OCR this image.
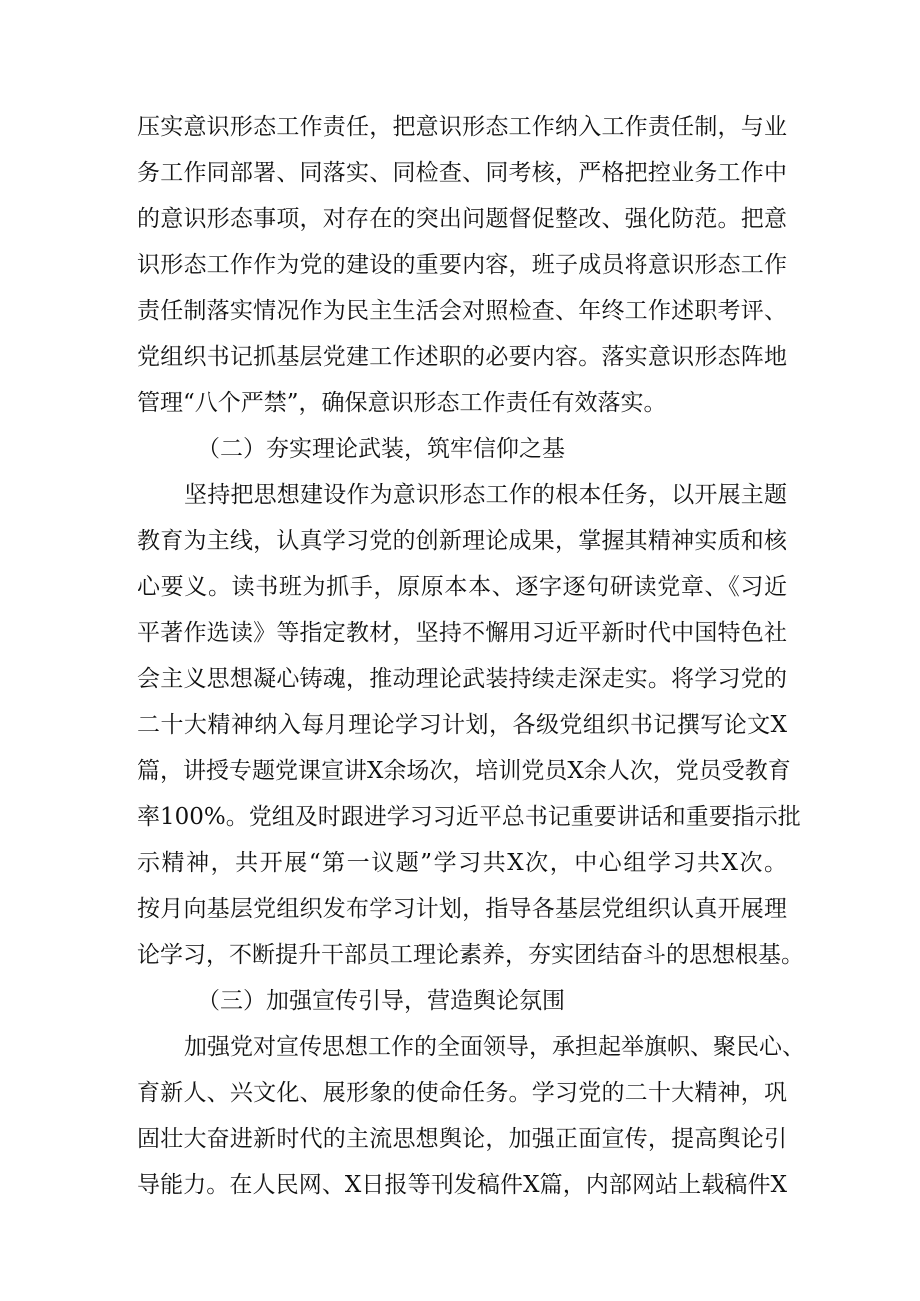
压实意识形态工作责任，把意识形态工作纳入工作责任制，与业
务工作同部署、同落实、同检查、同考核，严格把控业务工作中
的意识形态事项，对存在的突出问题督促整改、强化防范。把意
识形态工作作为党的建设的重要内容，班子成员将意识形态工作
责任制落实情况作为民主生活会对照检查、年终工作述职考评、
党组织书记抓基层党建工作述职的必要内容。落实意识形态阵地
管理“八个严禁”，确保意识形态工作责任有效落实。
（二）夯实理论武装，筑牢信仰之基
坚持把思想建设作为意识形态工作的根本任务，以开展主题
教育为主线，认真学习党的创新理论成果，掌握其精神实质和核
心要义。读书班为抓手，原原本本、逐字逐句研读党章、《习近
平著作选读》等指定教材，坚持不懈用习近平新时代中国特色社
会主义思想凝心铸魂，推动理论武装持续走深走实。将学习党的
二十大精神纳入每月理论学习计划，各级党组织书记撰写论文X
篇，讲授专题党课宣讲X余场次，培训党员X余人次，党员受教育
率100%。党组及时跟进学习习近平总书记重要讲话和重要指示批
示精神，共开展“第一议题”学习共X次，中心组学习共X次。
按月向基层党组织发布学习计划，指导各基层党组织认真开展理
论学习，不断提升干部员工理论素养，夯实团结奋斗的思想根基。
（三）加强宣传引导，营造舆论氛围
加强党对宣传思想工作的全面领导，承担起举旗帜、聚民心、
育新人、兴文化、展形象的使命任务。学习党的二十大精神，巩
固壮大奋进新时代的主流思想舆论，加强正面宣传，提高舆论引
导能力。在人民网、X日报等刊发稿件X篇，内部网站上载稿件X
